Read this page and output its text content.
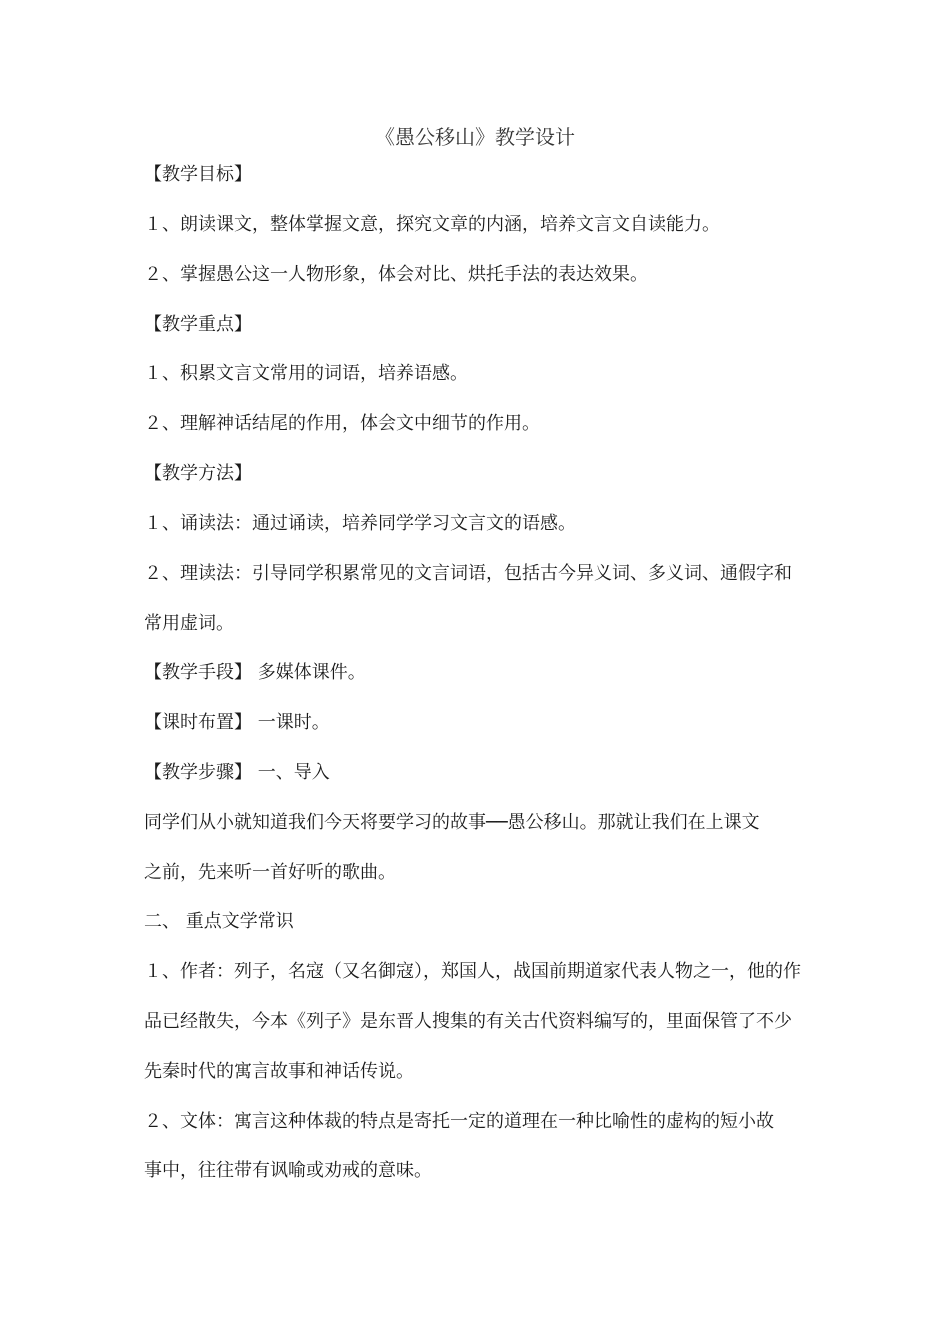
《愚公移山》教学设计
【教学目标】
１、朗读课文，整体掌握文意，探究文章的内涵，培养文言文自读能力。
２、掌握愚公这一人物形象，体会对比、烘托手法的表达效果。
【教学重点】
１、积累文言文常用的词语，培养语感。
２、理解神话结尾的作用，体会文中细节的作用。
【教学方法】
１、诵读法：通过诵读，培养同学学习文言文的语感。
２、理读法：引导同学积累常见的文言词语，包括古今异义词、多义词、通假字和
常用虚词。
【教学手段】 多媒体课件。
【课时布置】 一课时。
【教学步骤】 一、导入
同学们从小就知道我们今天将要学习的故事──愚公移山。那就让我们在上课文
之前，先来听一首好听的歌曲。
二、 重点文学常识
１、作者：列子，名寇（又名御寇），郑国人，战国前期道家代表人物之一，他的作
品已经散失，今本《列子》是东晋人搜集的有关古代资料编写的，里面保管了不少
先秦时代的寓言故事和神话传说。
２、文体：寓言这种体裁的特点是寄托一定的道理在一种比喻性的虚构的短小故
事中，往往带有讽喻或劝戒的意味。
